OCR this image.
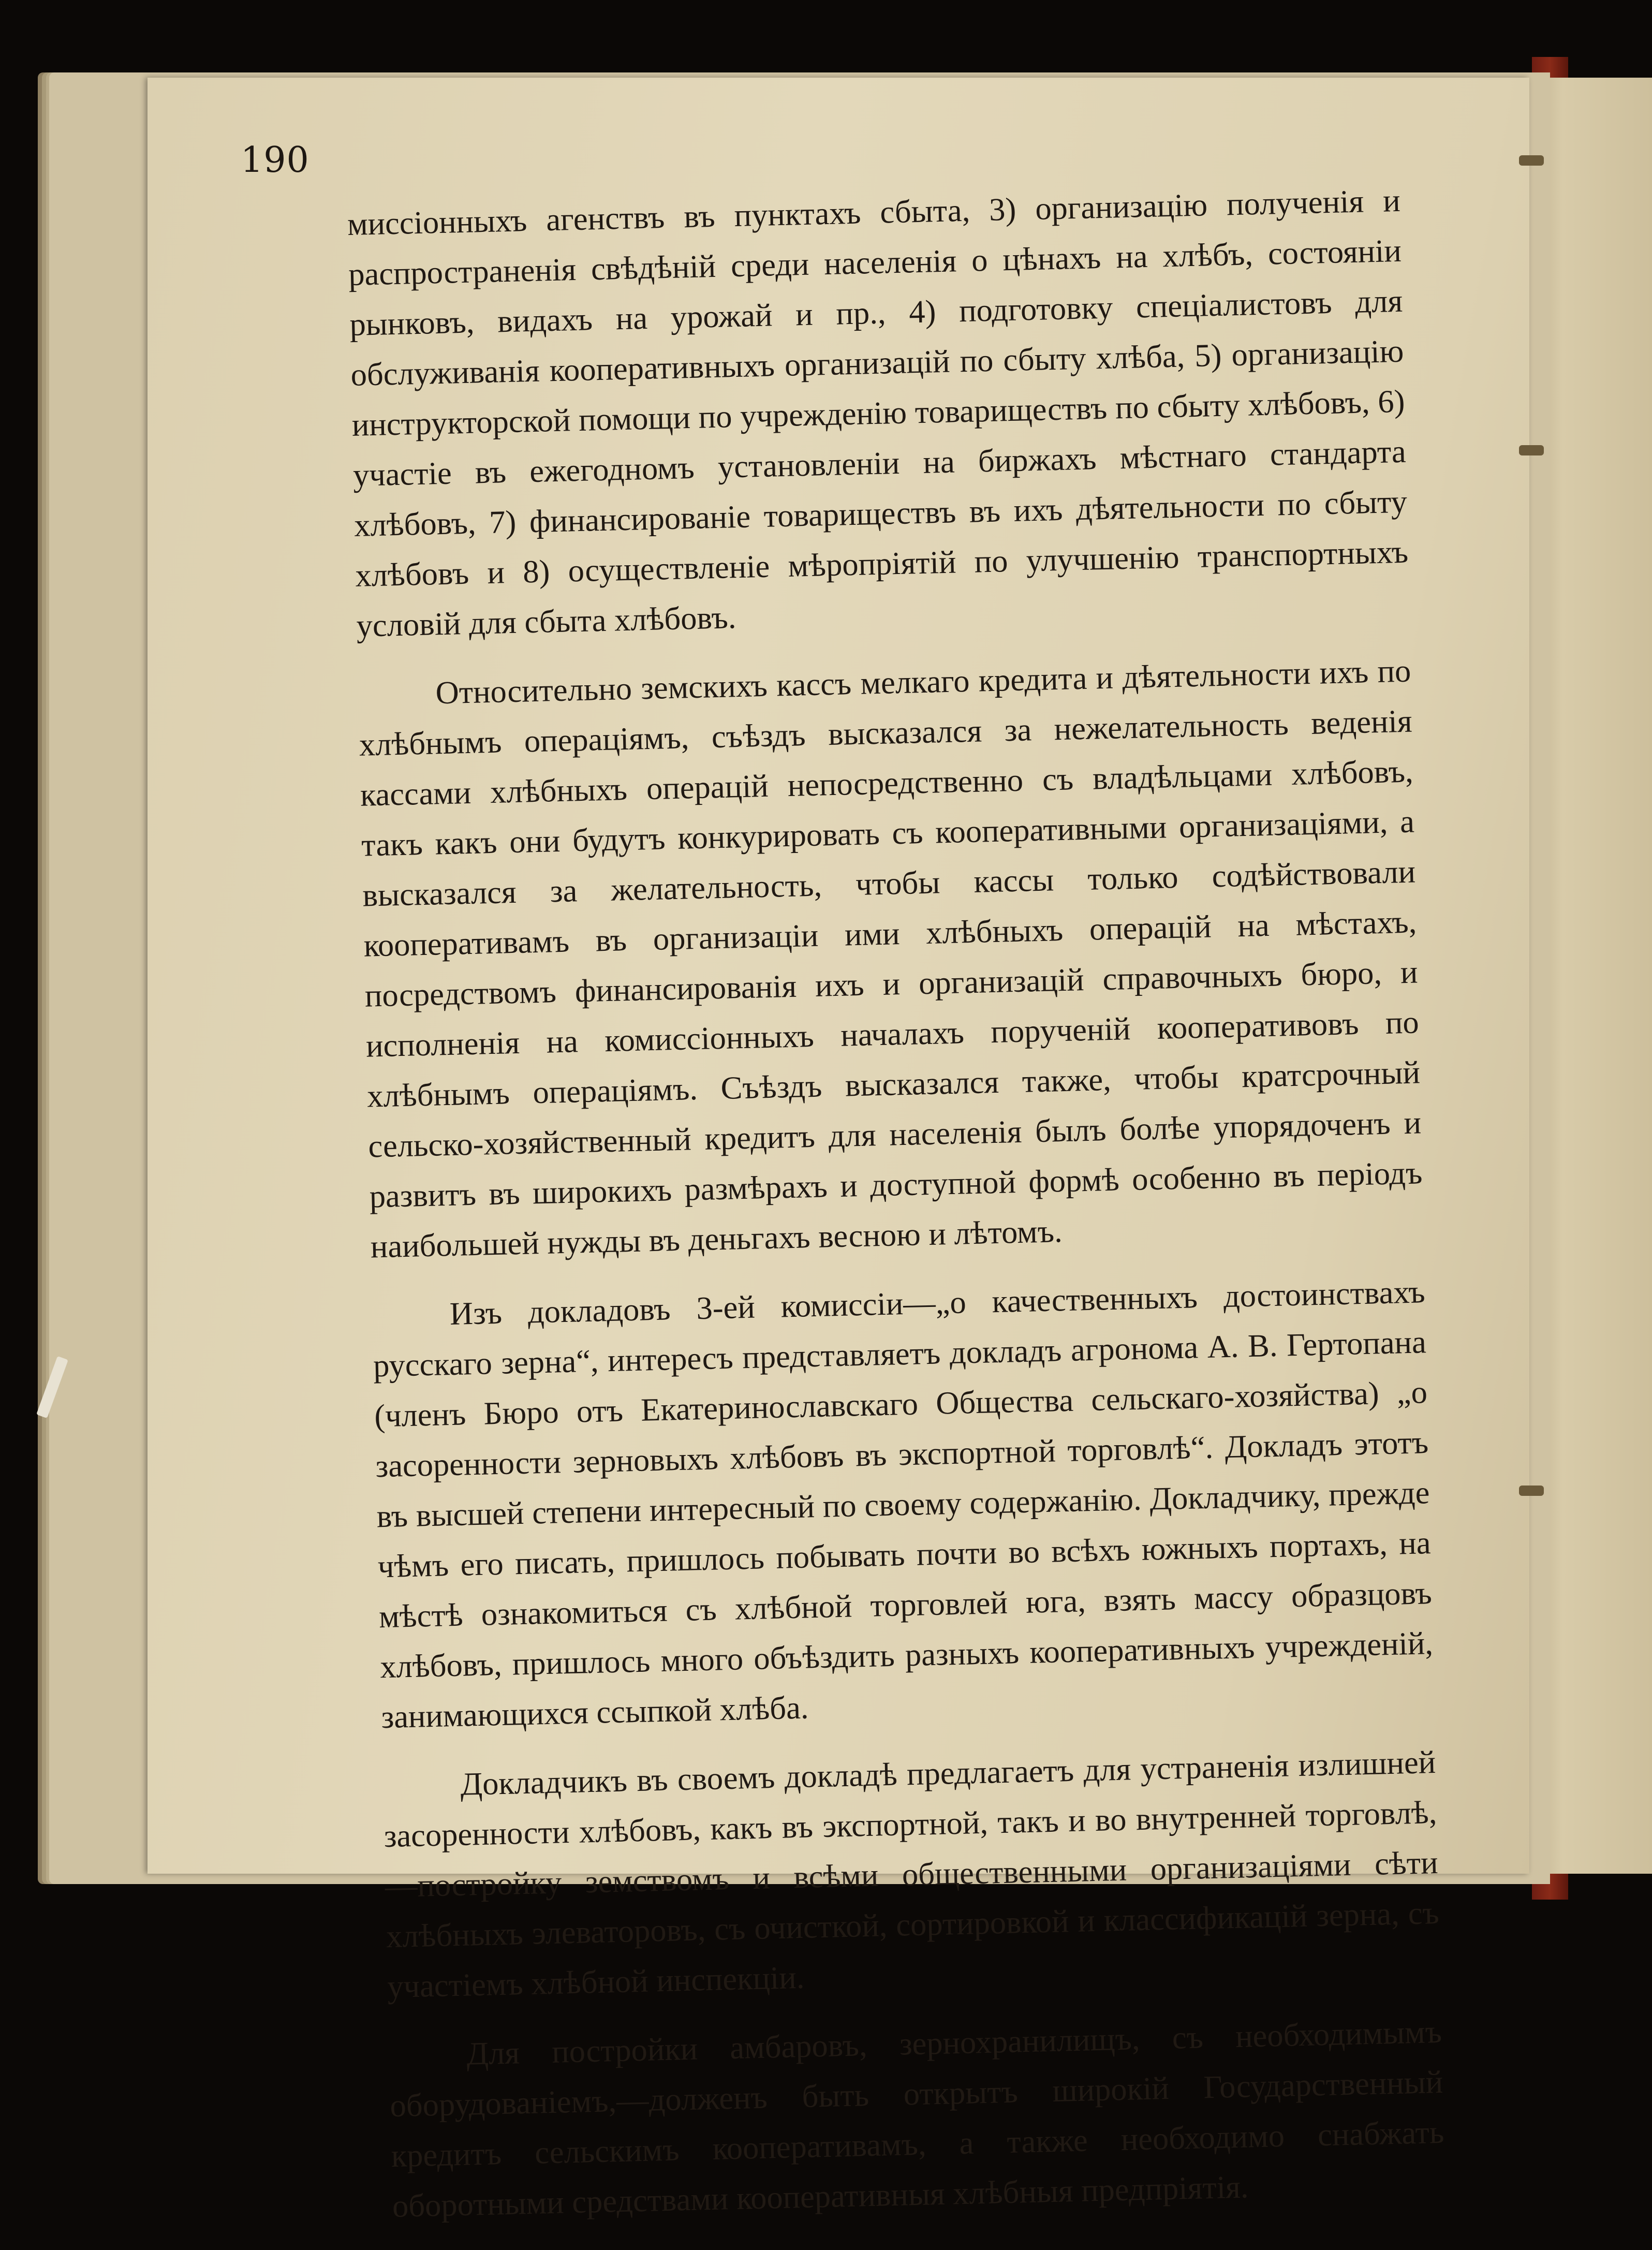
190

миссіонныхъ агенствъ въ пунктахъ сбыта, 3) организацію полученія и распространенія свѣдѣній среди населенія о цѣнахъ на хлѣбъ, состояніи рынковъ, видахъ на урожай и пр., 4) подготовку спеціалистовъ для обслуживанія кооперативныхъ организацій по сбыту хлѣба, 5) организацію инструкторской помощи по учрежденію товариществъ по сбыту хлѣбовъ, 6) участіе въ ежегодномъ установленіи на биржахъ мѣстнаго стандарта хлѣбовъ, 7) финансированіе товариществъ въ ихъ дѣятельности по сбыту хлѣбовъ и 8) осуществленіе мѣропріятій по улучшенію транспортныхъ условій для сбыта хлѣбовъ.

Относительно земскихъ кассъ мелкаго кредита и дѣятельности ихъ по хлѣбнымъ операціямъ, съѣздъ высказался за нежелательность веденія кассами хлѣбныхъ операцій непосредственно съ владѣльцами хлѣбовъ, такъ какъ они будутъ конкурировать съ кооперативными организаціями, а высказался за желательность, чтобы кассы только содѣйствовали кооперативамъ въ организаціи ими хлѣбныхъ операцій на мѣстахъ, посредствомъ финансированія ихъ и организацій справочныхъ бюро, и исполненія на комиссіонныхъ началахъ порученій кооперативовъ по хлѣбнымъ операціямъ. Съѣздъ высказался также, чтобы кратсрочный сельско-хозяйственный кредитъ для населенія былъ болѣе упорядоченъ и развитъ въ широкихъ размѣрахъ и доступной формѣ особенно въ періодъ наибольшей нужды въ деньгахъ весною и лѣтомъ.

Изъ докладовъ 3-ей комиссіи—„о качественныхъ достоинствахъ русскаго зерна“, интересъ представляетъ докладъ агронома А. В. Гертопана (членъ Бюро отъ Екатеринославскаго Общества сельскаго-хозяйства) „о засоренности зерновыхъ хлѣбовъ въ экспортной торговлѣ“. Докладъ этотъ въ высшей степени интересный по своему содержанію. Докладчику, прежде чѣмъ его писать, пришлось побывать почти во всѣхъ южныхъ портахъ, на мѣстѣ ознакомиться съ хлѣбной торговлей юга, взять массу образцовъ хлѣбовъ, пришлось много объѣздить разныхъ кооперативныхъ учрежденій, занимающихся ссыпкой хлѣба.

Докладчикъ въ своемъ докладѣ предлагаетъ для устраненія излишней засоренности хлѣбовъ, какъ въ экспортной, такъ и во внутренней торговлѣ,—постройку земствомъ и всѣми общественными организаціями сѣти хлѣбныхъ элеваторовъ, съ очисткой, сортировкой и классификацій зерна, съ участіемъ хлѣбной инспекціи.

Для постройки амбаровъ, зернохранилищъ, съ необходимымъ оборудованіемъ,—долженъ быть открытъ широкій Государственный кредитъ сельскимъ кооперативамъ, а также необходимо снабжать оборотными средствами кооперативныя хлѣбныя предпріятія.
